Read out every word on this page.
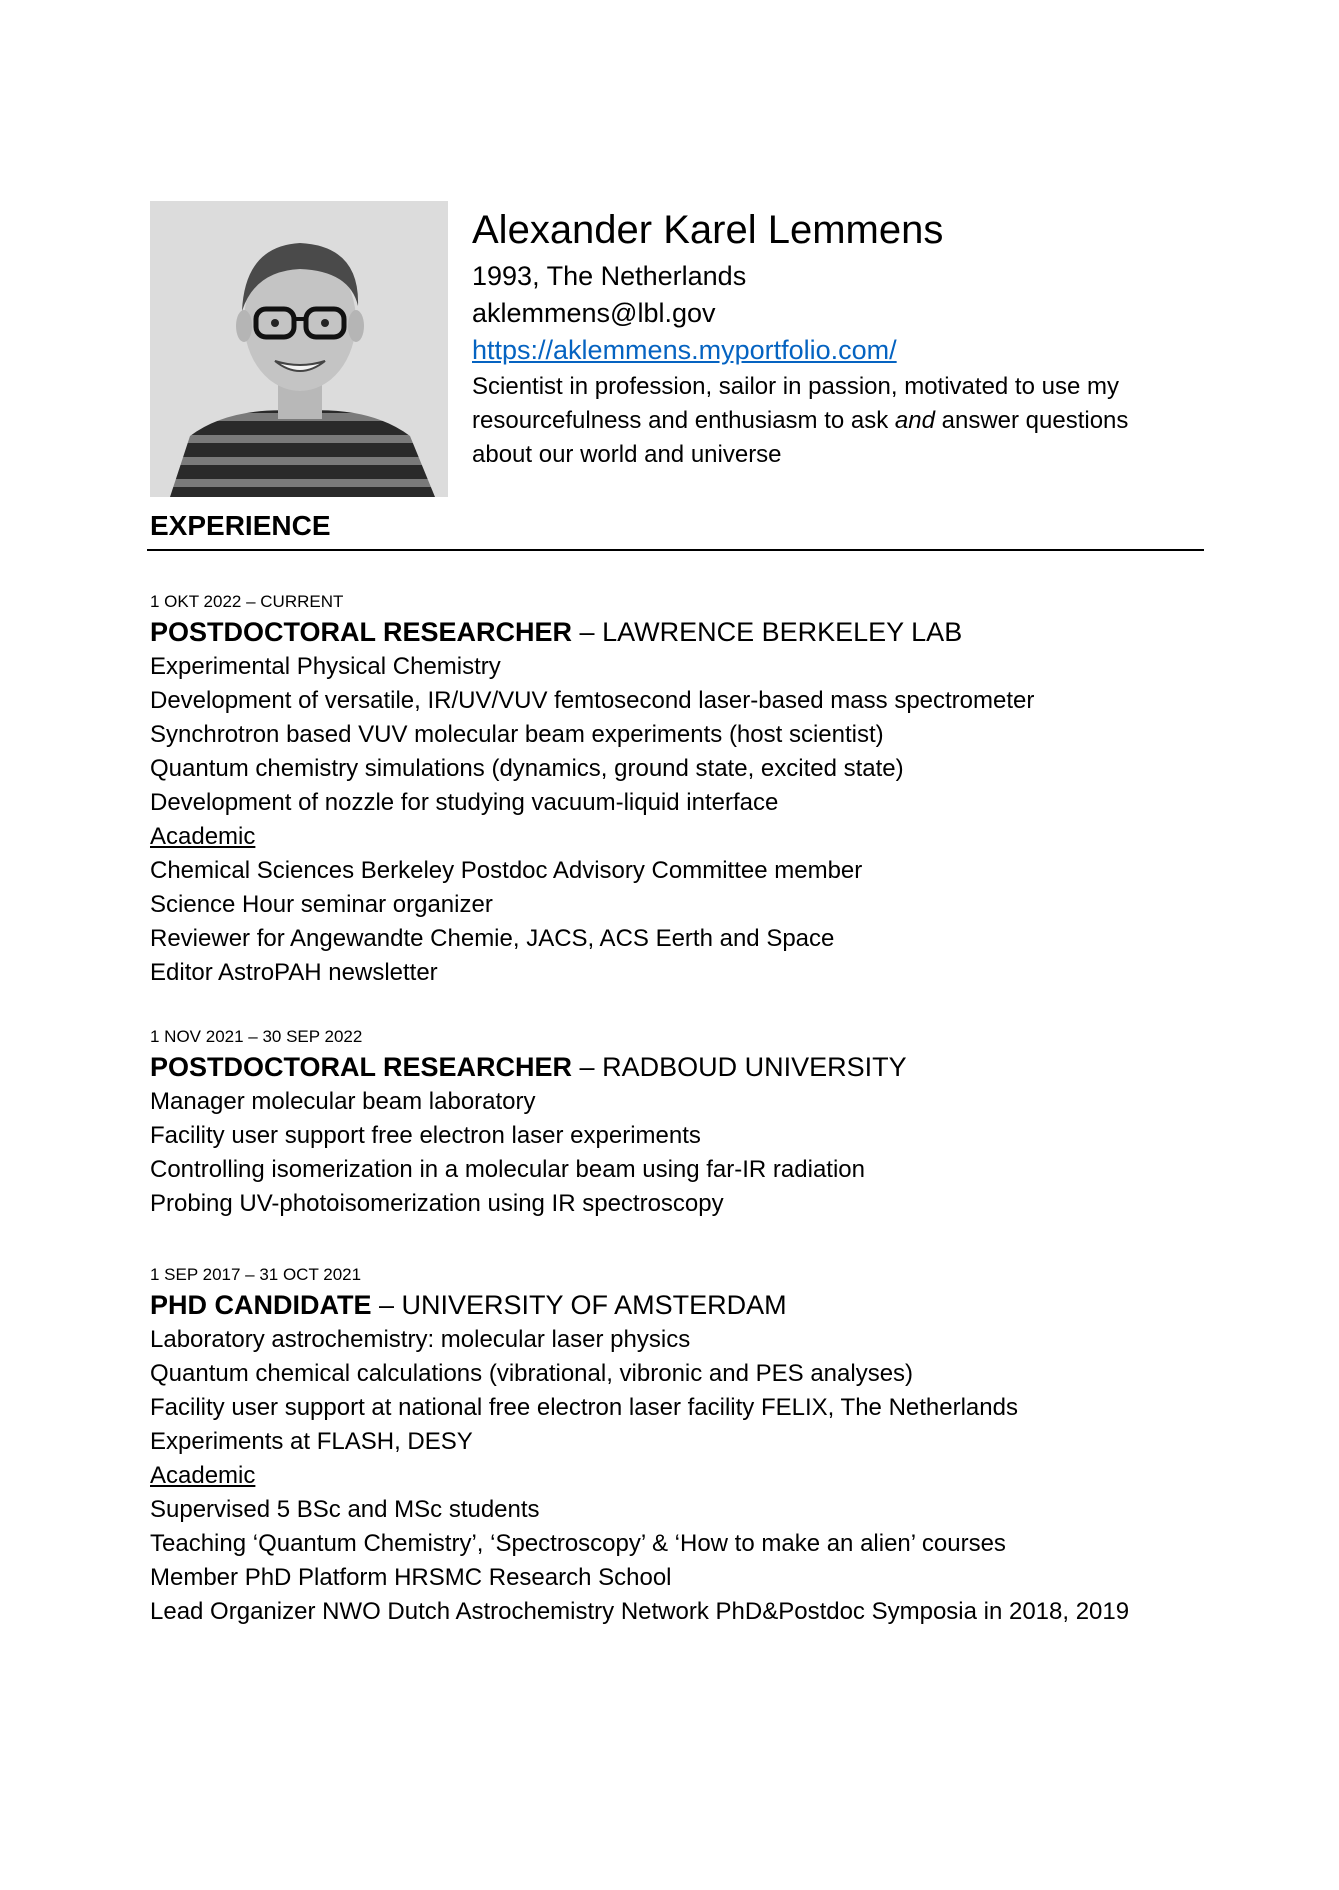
Alexander Karel Lemmens

1993, The Netherlands

aklemmens@lbl.gov

https://aklemmens.myportfolio.com/

Scientist in profession, sailor in passion, motivated to use my
resourcefulness and enthusiasm to ask and answer questions
about our world and universe

EXPERIENCE

1 OKT 2022 – CURRENT

POSTDOCTORAL RESEARCHER – LAWRENCE BERKELEY LAB

Experimental Physical Chemistry

Development of versatile, IR/UV/VUV femtosecond laser-based mass spectrometer

Synchrotron based VUV molecular beam experiments (host scientist)

Quantum chemistry simulations (dynamics, ground state, excited state)

Development of nozzle for studying vacuum-liquid interface

Academic

Chemical Sciences Berkeley Postdoc Advisory Committee member

Science Hour seminar organizer

Reviewer for Angewandte Chemie, JACS, ACS Eerth and Space

Editor AstroPAH newsletter

1 NOV 2021 – 30 SEP 2022

POSTDOCTORAL RESEARCHER – RADBOUD UNIVERSITY

Manager molecular beam laboratory

Facility user support free electron laser experiments

Controlling isomerization in a molecular beam using far-IR radiation

Probing UV-photoisomerization using IR spectroscopy

1 SEP 2017 – 31 OCT 2021

PHD CANDIDATE – UNIVERSITY OF AMSTERDAM

Laboratory astrochemistry: molecular laser physics

Quantum chemical calculations (vibrational, vibronic and PES analyses)

Facility user support at national free electron laser facility FELIX, The Netherlands

Experiments at FLASH, DESY

Academic

Supervised 5 BSc and MSc students

Teaching ‘Quantum Chemistry’, ‘Spectroscopy’ & ‘How to make an alien’ courses

Member PhD Platform HRSMC Research School

Lead Organizer NWO Dutch Astrochemistry Network PhD&Postdoc Symposia in 2018, 2019
